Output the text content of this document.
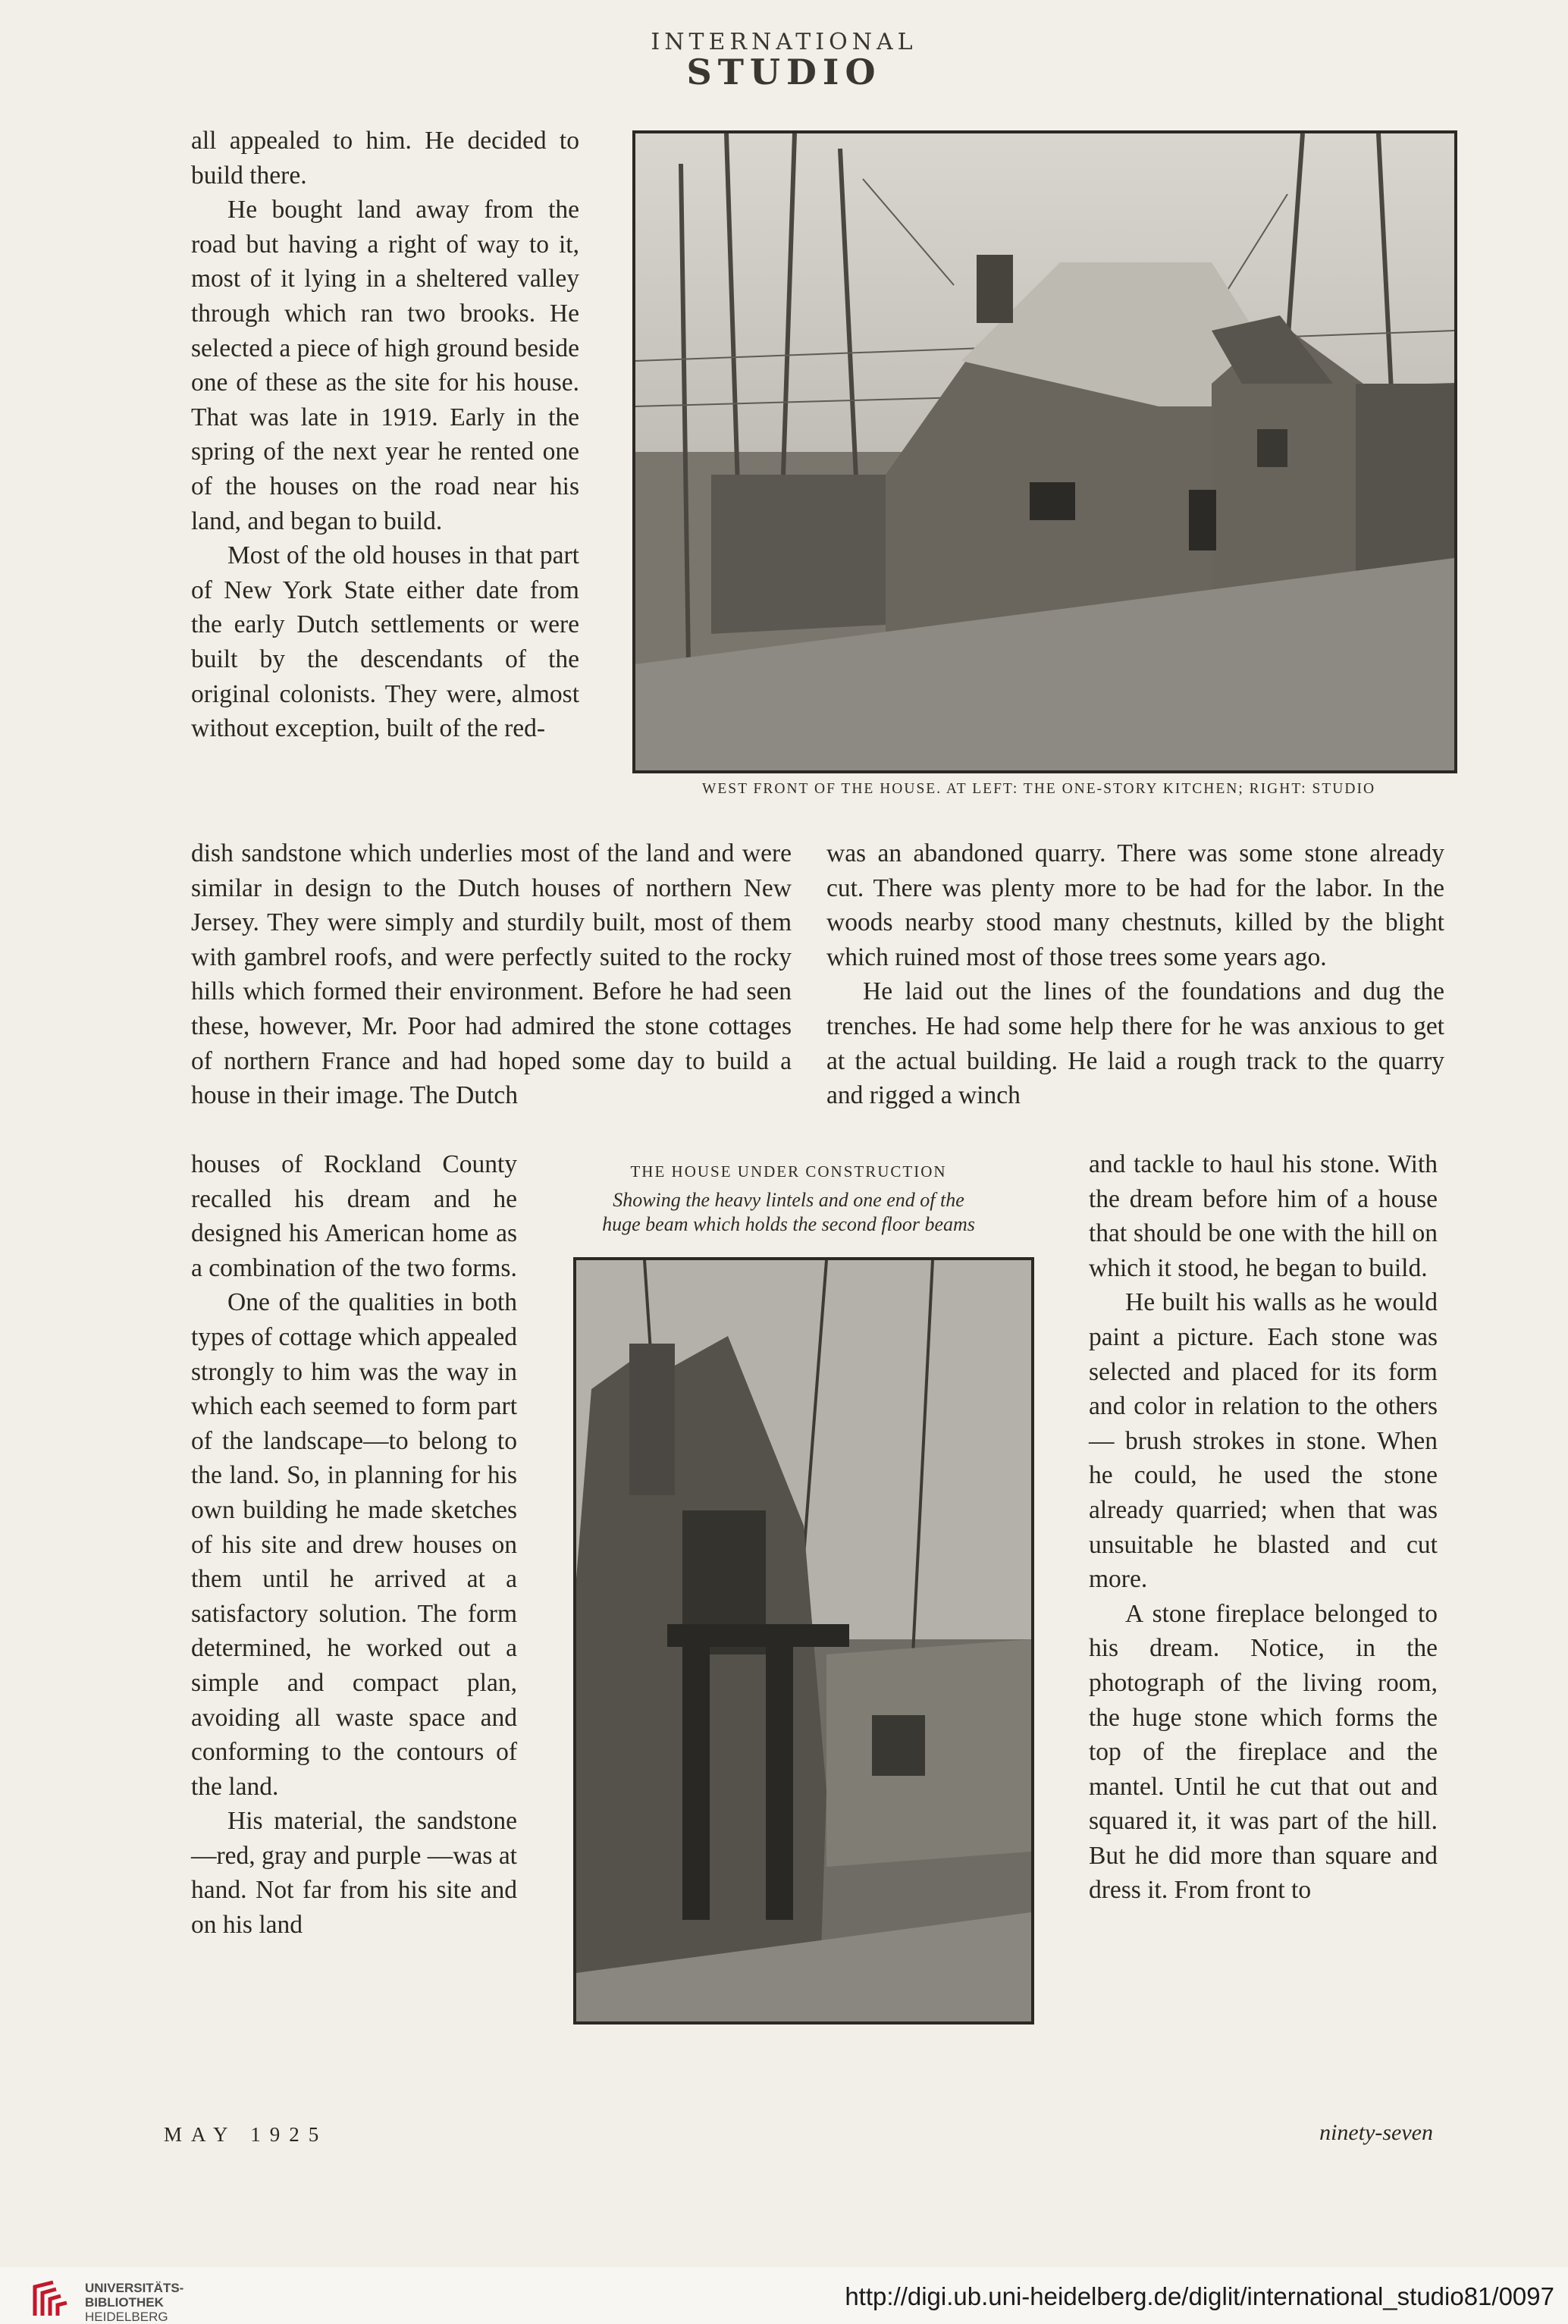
INTERNATIONAL
STUDIO

all appealed to him. He decided to build there.

He bought land away from the road but having a right of way to it, most of it lying in a sheltered valley through which ran two brooks. He selected a piece of high ground beside one of these as the site for his house. That was late in 1919. Early in the spring of the next year he rented one of the houses on the road near his land, and began to build.

Most of the old houses in that part of New York State either date from the early Dutch settlements or were built by the descendants of the original colonists. They were, almost without exception, built of the red-

WEST FRONT OF THE HOUSE. AT LEFT: THE ONE-STORY KITCHEN; RIGHT: STUDIO

dish sandstone which underlies most of the land and were similar in design to the Dutch houses of northern New Jersey. They were simply and sturdily built, most of them with gambrel roofs, and were perfectly suited to the rocky hills which formed their environment. Before he had seen these, however, Mr. Poor had admired the stone cottages of northern France and had hoped some day to build a house in their image. The Dutch

was an abandoned quarry. There was some stone already cut. There was plenty more to be had for the labor. In the woods nearby stood many chestnuts, killed by the blight which ruined most of those trees some years ago.

He laid out the lines of the foundations and dug the trenches. He had some help there for he was anxious to get at the actual building. He laid a rough track to the quarry and rigged a winch

houses of Rockland County recalled his dream and he designed his American home as a combination of the two forms.

One of the qualities in both types of cottage which appealed strongly to him was the way in which each seemed to form part of the landscape—to belong to the land. So, in planning for his own building he made sketches of his site and drew houses on them until he arrived at a satisfactory solution. The form determined, he worked out a simple and compact plan, avoiding all waste space and conforming to the contours of the land.

His material, the sandstone—red, gray and purple —was at hand. Not far from his site and on his land

THE HOUSE UNDER CONSTRUCTION
Showing the heavy lintels and one end of the
huge beam which holds the second floor beams

and tackle to haul his stone. With the dream before him of a house that should be one with the hill on which it stood, he began to build.

He built his walls as he would paint a picture. Each stone was selected and placed for its form and color in relation to the others— brush strokes in stone. When he could, he used the stone already quarried; when that was unsuitable he blasted and cut more.

A stone fireplace belonged to his dream. Notice, in the photograph of the living room, the huge stone which forms the top of the fireplace and the mantel. Until he cut that out and squared it, it was part of the hill. But he did more than square and dress it. From front to

MAY 1925	ninety-seven
UNIVERSITÄTS-
BIBLIOTHEK
HEIDELBERG
http://digi.ub.uni-heidelberg.de/diglit/international_studio81/0097
